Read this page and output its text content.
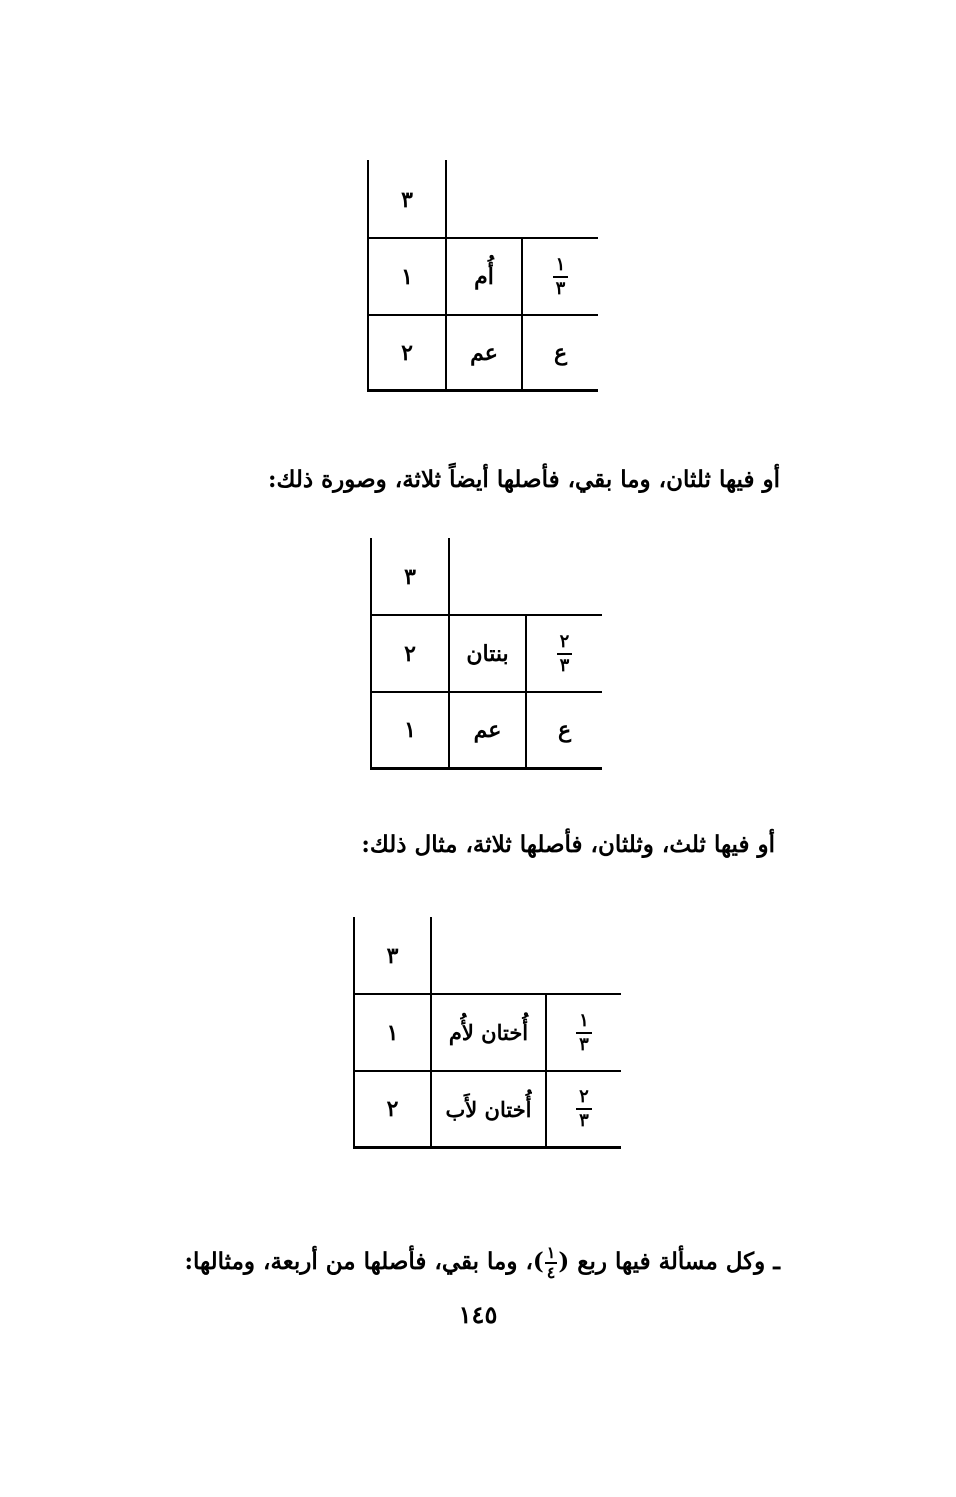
٣
١	أُم	$\frac{١}{٣}$
٢	عم	ع
أو فيها ثلثان، وما بقي، فأصلها أيضاً ثلاثة، وصورة ذلك:
٣
٢	بنتان	$\frac{٢}{٣}$
١	عم	ع
أو فيها ثلث، وثلثان، فأصلها ثلاثة، مثال ذلك:
٣
١	أُختان لأُم	$\frac{١}{٣}$
٢	أُختان لأَب	$\frac{٢}{٣}$
ـ وكل مسألة فيها ربع (
$\frac{١}{٤}$
)، وما بقي، فأصلها من أربعة، ومثالها:
١٤٥
